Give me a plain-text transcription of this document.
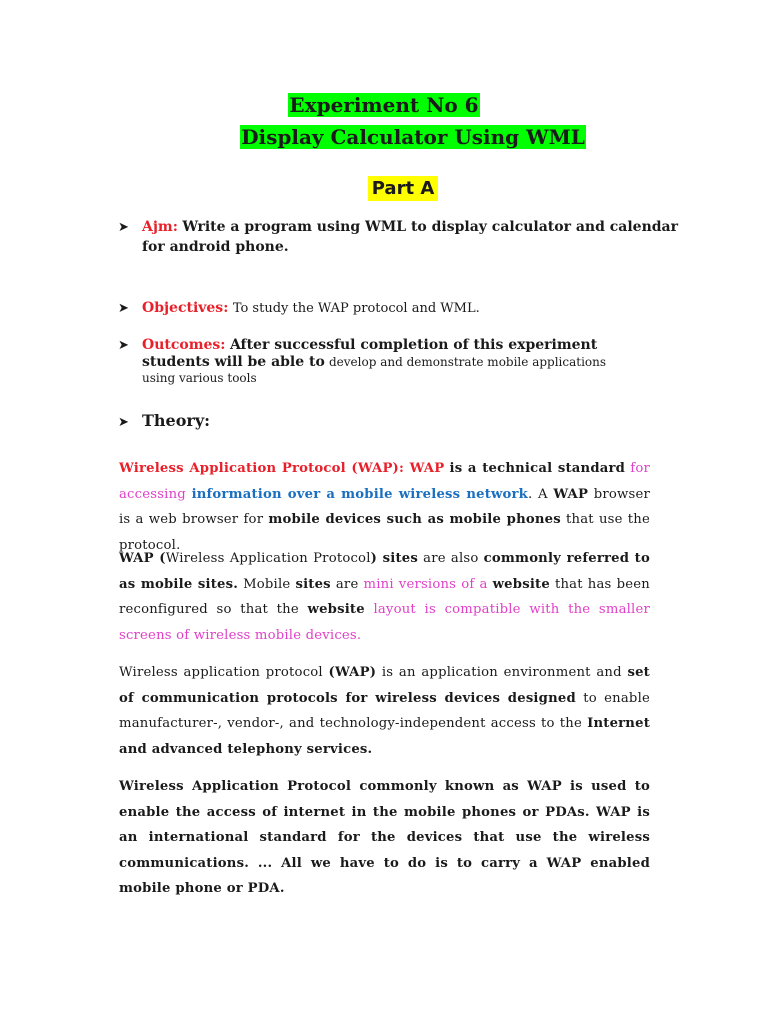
Experiment No 6
Display Calculator Using WML
Part A
➤ Ajm: Write a program using WML to display calculator and calendar
for android phone.
➤ Objectives: To study the WAP protocol and WML.
➤ Outcomes: After successful completion of this experiment
students will be able to develop and demonstrate mobile applications
using various tools
➤ Theory:
Wireless Application Protocol (WAP): WAP is a technical standard for accessing information over a mobile wireless network. A WAP browser is a web browser for mobile devices such as mobile phones that use the protocol.
WAP (Wireless Application Protocol) sites are also commonly referred to as mobile sites. Mobile sites are mini versions of a website that has been reconfigured so that the website layout is compatible with the smaller screens of wireless mobile devices.
Wireless application protocol (WAP) is an application environment and set of communication protocols for wireless devices designed to enable manufacturer-, vendor-, and technology-independent access to the Internet and advanced telephony services.
Wireless Application Protocol commonly known as WAP is used to enable the access of internet in the mobile phones or PDAs. WAP is an international standard for the devices that use the wireless communications. ... All we have to do is to carry a WAP enabled mobile phone or PDA.
